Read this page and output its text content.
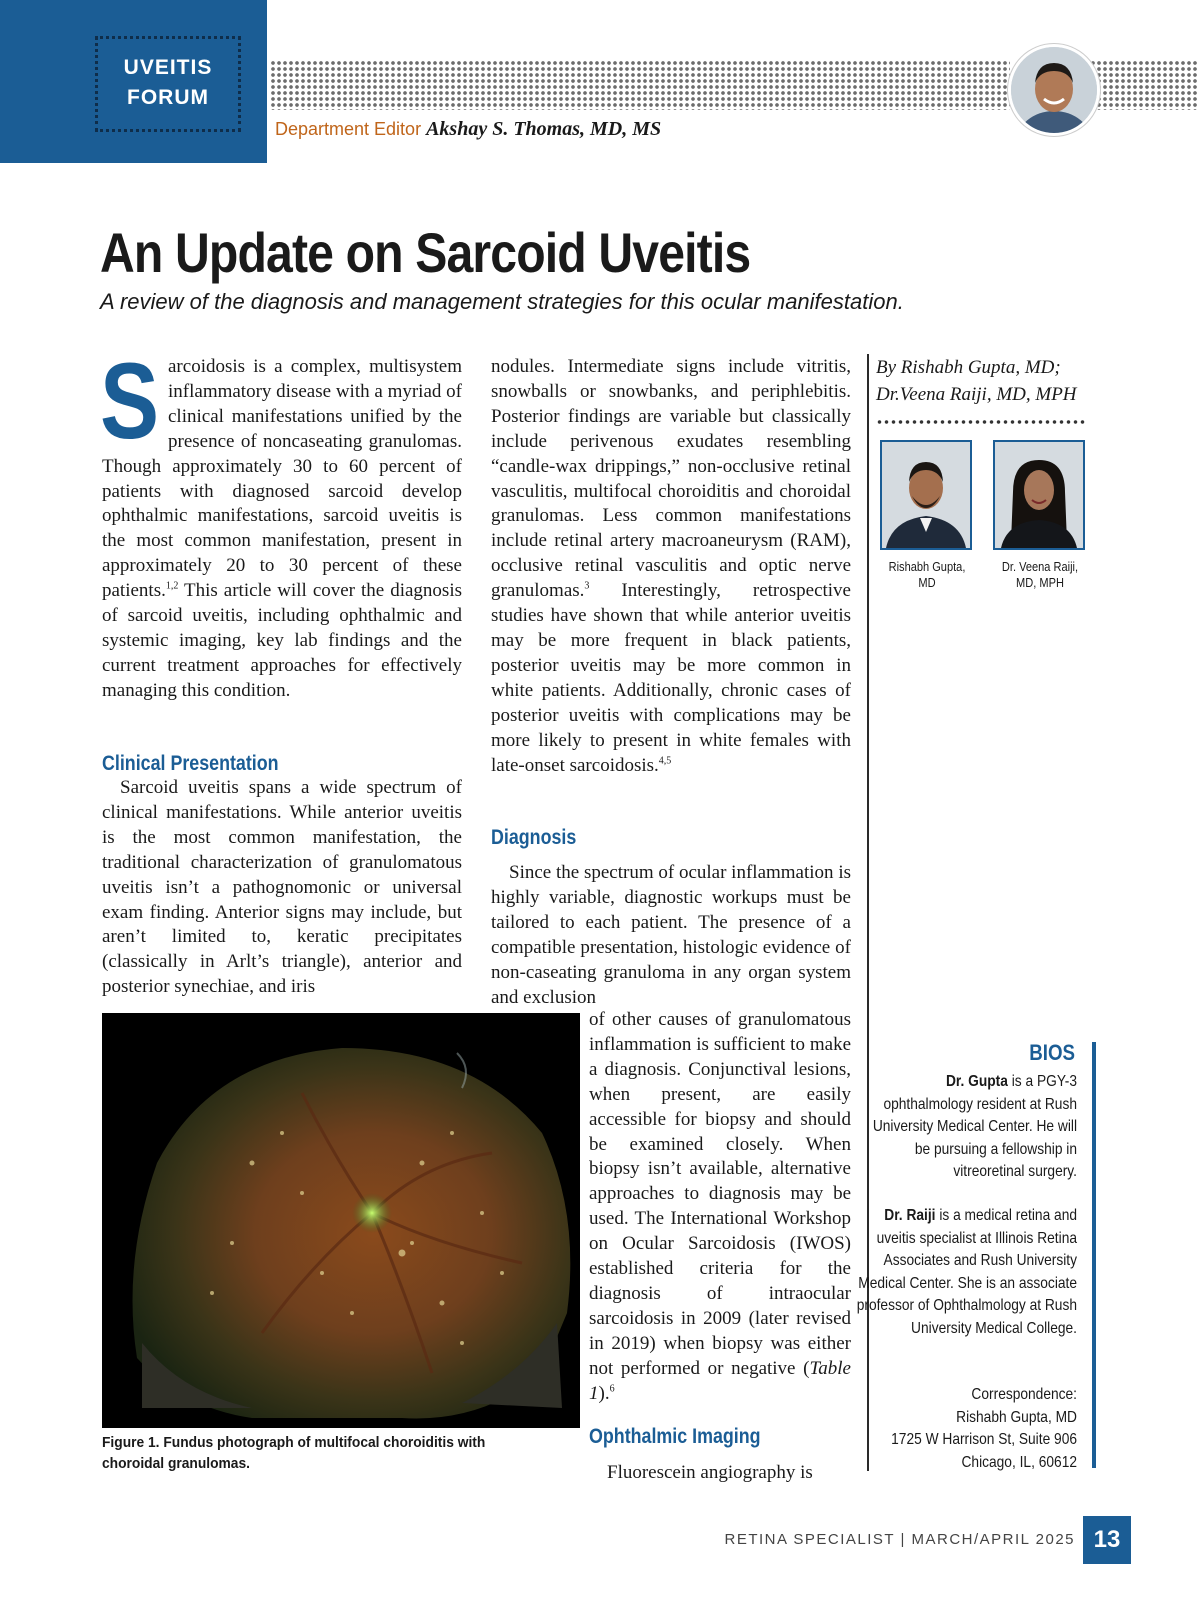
UVEITIS
FORUM
Department Editor Akshay S. Thomas, MD, MS
An Update on Sarcoid Uveitis
A review of the diagnosis and management strategies for this ocular manifestation.

Sarcoidosis is a complex, multisystem inflammatory disease with a myriad of clinical manifestations unified by the presence of noncaseating granulomas. Though approximately 30 to 60 percent of patients with diagnosed sarcoid develop ophthalmic manifestations, sarcoid uveitis is the most common manifestation, present in approximately 20 to 30 percent of these patients.$^{1,2}$ This article will cover the diagnosis of sarcoid uveitis, including ophthalmic and systemic imaging, key lab findings and the current treatment approaches for effectively managing this condition.

Clinical Presentation

Sarcoid uveitis spans a wide spectrum of clinical manifestations. While anterior uveitis is the most common manifestation, the traditional characterization of granulomatous uveitis isn’t a pathognomonic or universal exam finding. Anterior signs may include, but aren’t limited to, keratic precipitates (classically in Arlt’s triangle), anterior and posterior synechiae, and iris

nodules. Intermediate signs include vitritis, snowballs or snowbanks, and periphlebitis. Posterior findings are variable but classically include perivenous exudates resembling “candle-wax drippings,” non-occlusive retinal vasculitis, multifocal choroiditis and choroidal granulomas. Less common manifestations include retinal artery macroaneurysm (RAM), occlusive retinal vasculitis and optic nerve granulomas.$^3$ Interestingly, retrospective studies have shown that while anterior uveitis may be more frequent in black patients, posterior uveitis may be more common in white patients. Additionally, chronic cases of posterior uveitis with complications may be more likely to present in white females with late-onset sarcoidosis.$^{4,5}$

Diagnosis

Since the spectrum of ocular inflammation is highly variable, diagnostic workups must be tailored to each patient. The presence of a compatible presentation, histologic evidence of non-caseating granuloma in any organ system and exclusion

of other causes of granulomatous inflammation is sufficient to make a diagnosis. Conjunctival lesions, when present, are easily accessible for biopsy and should be examined closely. When biopsy isn’t available, alternative approaches to diagnosis may be used. The International Workshop on Ocular Sarcoidosis (IWOS) established criteria for the diagnosis of intraocular sarcoidosis in 2009 (later revised in 2019) when biopsy was either not performed or negative (Table 1).$^6$

Ophthalmic Imaging

Fluorescein angiography is

Figure 1. Fundus photograph of multifocal choroiditis with choroidal granulomas.
By Rishabh Gupta, MD;
Dr.Veena Raiji, MD, MPH
Rishabh Gupta, MD
Dr. Veena Raiji,
MD, MPH
BIOS
Dr. Gupta is a PGY-3 ophthalmology resident at Rush University Medical Center. He will be pursuing a fellowship in vitreoretinal surgery.
Dr. Raiji is a medical retina and uveitis specialist at Illinois Retina Associates and Rush University Medical Center. She is an associate professor of Ophthalmology at Rush University Medical College.
Correspondence:
Rishabh Gupta, MD
1725 W Harrison St, Suite 906
Chicago, IL, 60612
RETINA SPECIALIST | MARCH/APRIL 2025 13
